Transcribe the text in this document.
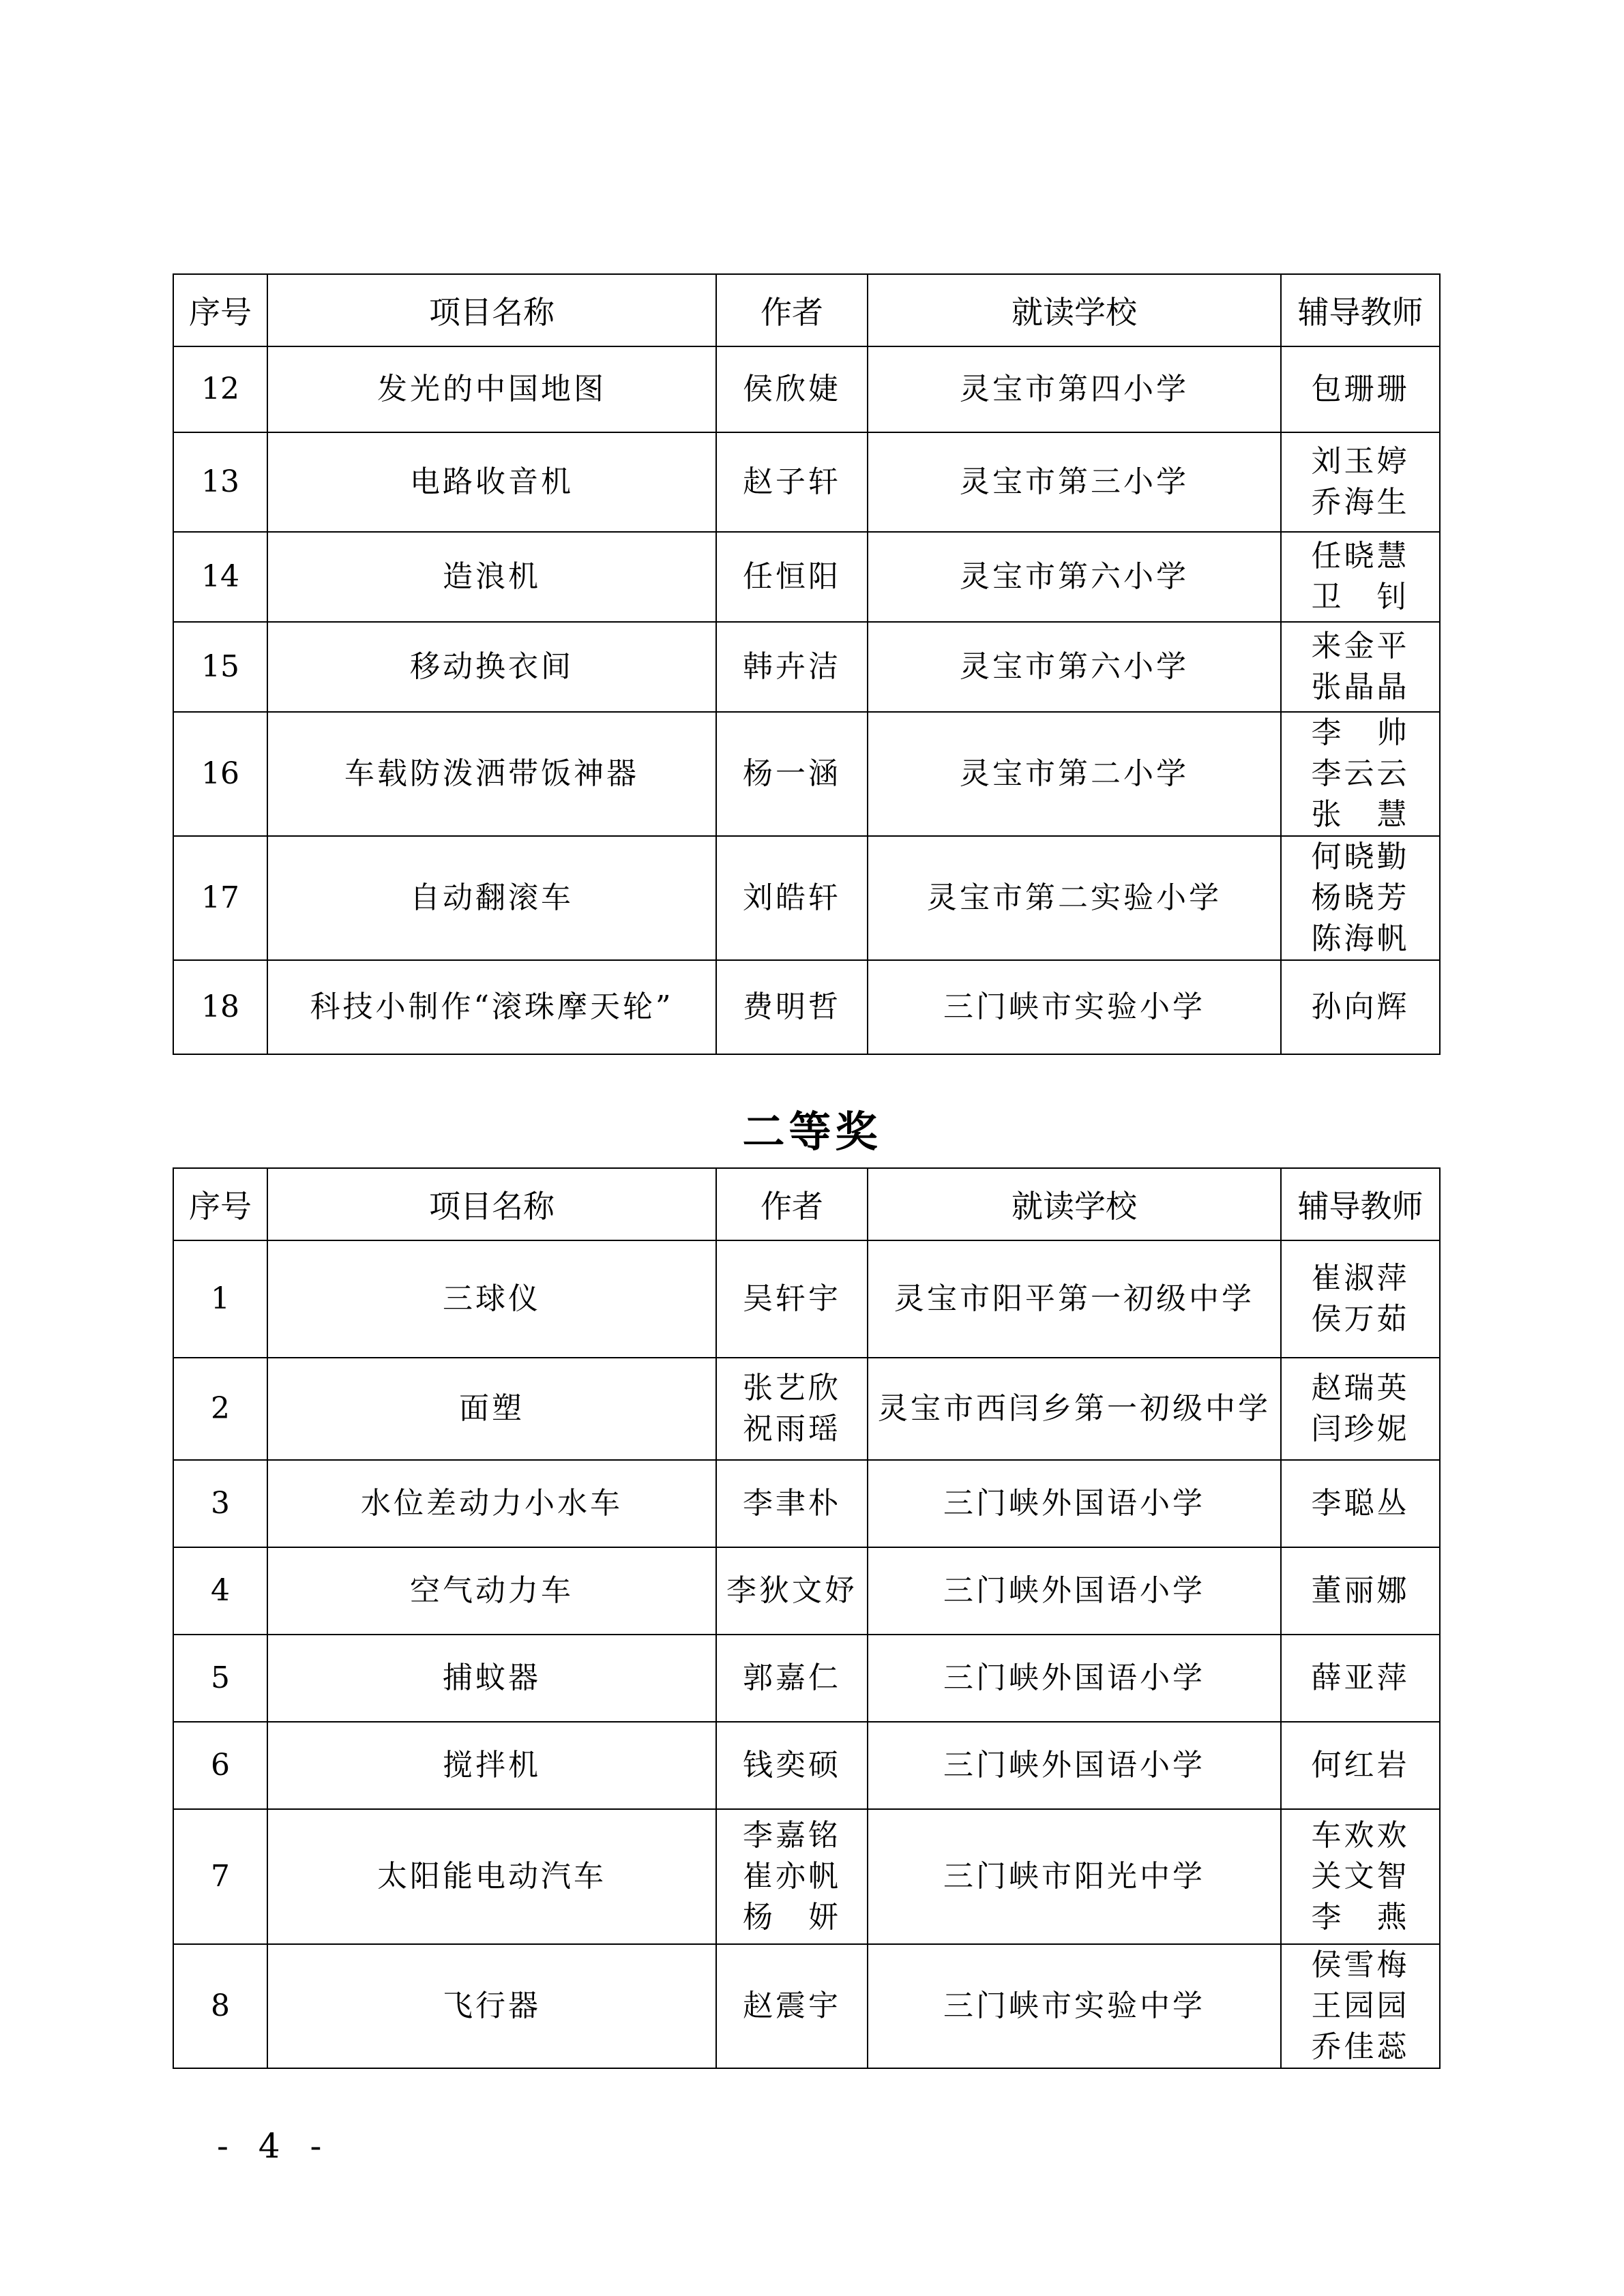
序号	项目名称	作者	就读学校	辅导教师
12	发光的中国地图	侯欣婕	灵宝市第四小学	包珊珊

13	电路收音机	赵子轩	灵宝市第三小学	刘玉婷
乔海生

14	造浪机	任恒阳	灵宝市第六小学	任晓慧
卫　钊

15	移动换衣间	韩卉洁	灵宝市第六小学	来金平
张晶晶

16	车载防泼洒带饭神器	杨一涵	灵宝市第二小学	李　帅
李云云
张　慧

17	自动翻滚车	刘皓轩	灵宝市第二实验小学	何晓勤
杨晓芳
陈海帆

18	科技小制作“滚珠摩天轮”	费明哲	三门峡市实验小学	孙向辉
二等奖
序号	项目名称	作者	就读学校	辅导教师
1	三球仪	吴轩宇	灵宝市阳平第一初级中学	崔淑萍
侯万茹

2	面塑	张艺欣
祝雨瑶	灵宝市西闫乡第一初级中学	赵瑞英
闫珍妮

3	水位差动力小水车	李聿朴	三门峡外国语小学	李聪丛

4	空气动力车	李狄文妤	三门峡外国语小学	董丽娜

5	捕蚊器	郭嘉仁	三门峡外国语小学	薛亚萍

6	搅拌机	钱奕硕	三门峡外国语小学	何红岩

7	太阳能电动汽车	李嘉铭
崔亦帆
杨　妍	三门峡市阳光中学	车欢欢
关文智
李　燕

8	飞行器	赵震宇	三门峡市实验中学	侯雪梅
王园园
乔佳蕊
- 4 -
